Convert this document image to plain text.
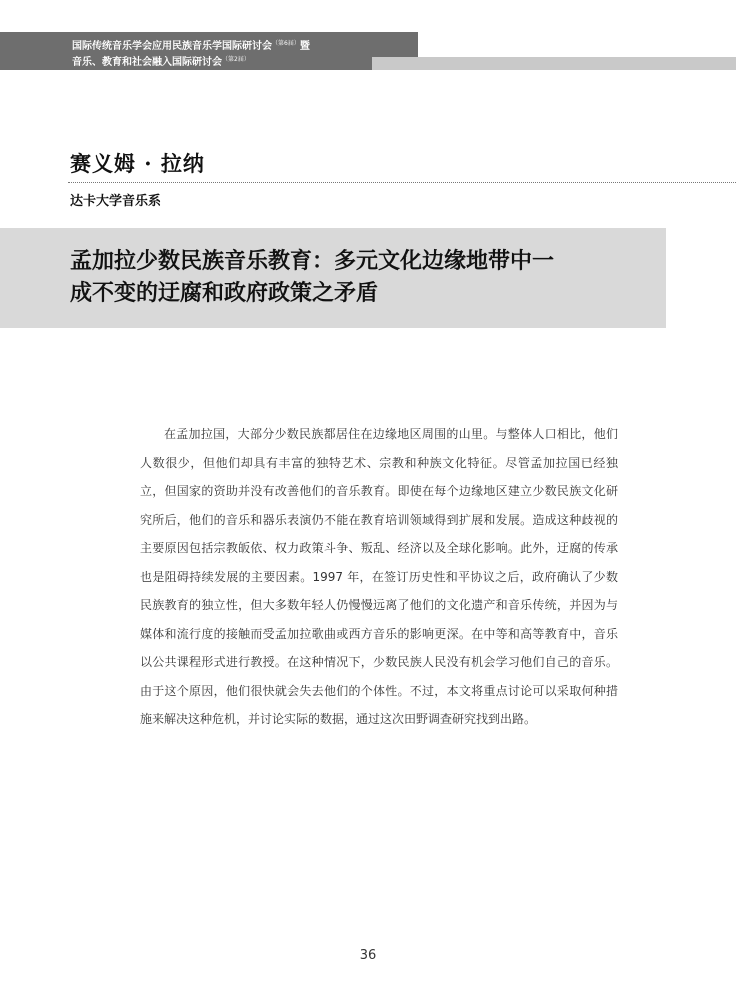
国际传统音乐学会应用民族音乐学国际研讨会$^{(第6届)}$暨
音乐、教育和社会融入国际研讨会$^{(第2届)}$
赛义姆 · 拉纳
达卡大学音乐系
孟加拉少数民族音乐教育：多元文化边缘地带中一
成不变的迂腐和政府政策之矛盾

在孟加拉国，大部分少数民族都居住在边缘地区周围的山里。与整体人口相比，他们人数很少，但他们却具有丰富的独特艺术、宗教和种族文化特征。尽管孟加拉国已经独立，但国家的资助并没有改善他们的音乐教育。即使在每个边缘地区建立少数民族文化研究所后，他们的音乐和器乐表演仍不能在教育培训领域得到扩展和发展。造成这种歧视的主要原因包括宗教皈依、权力政策斗争、叛乱、经济以及全球化影响。此外，迂腐的传承也是阻碍持续发展的主要因素。1997 年，在签订历史性和平协议之后，政府确认了少数民族教育的独立性，但大多数年轻人仍慢慢远离了他们的文化遗产和音乐传统，并因为与媒体和流行度的接触而受孟加拉歌曲或西方音乐的影响更深。在中等和高等教育中，音乐以公共课程形式进行教授。在这种情况下，少数民族人民没有机会学习他们自己的音乐。由于这个原因，他们很快就会失去他们的个体性。不过，本文将重点讨论可以采取何种措施来解决这种危机，并讨论实际的数据，通过这次田野调查研究找到出路。

36
